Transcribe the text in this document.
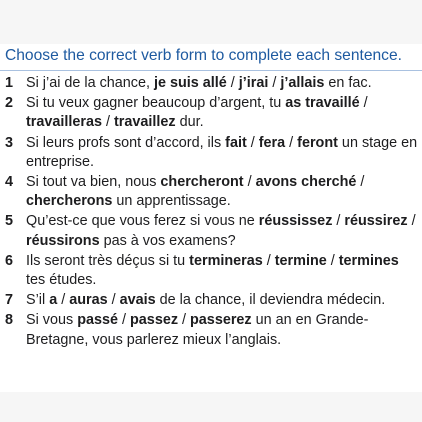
Choose the correct verb form to complete each sentence.
1 Si j’ai de la chance, je suis allé / j’irai / j’allais en fac.
2 Si tu veux gagner beaucoup d’argent, tu as travaillé / travailleras / travaillez dur.
3 Si leurs profs sont d’accord, ils fait / fera / feront un stage en entreprise.
4 Si tout va bien, nous chercheront / avons cherché / chercherons un apprentissage.
5 Qu’est-ce que vous ferez si vous ne réussissez / réussirez / réussirons pas à vos examens?
6 Ils seront très déçus si tu termineras / termine / termines tes études.
7 S’il a / auras / avais de la chance, il deviendra médecin.
8 Si vous passé / passez / passerez un an en Grande-Bretagne, vous parlerez mieux l’anglais.
